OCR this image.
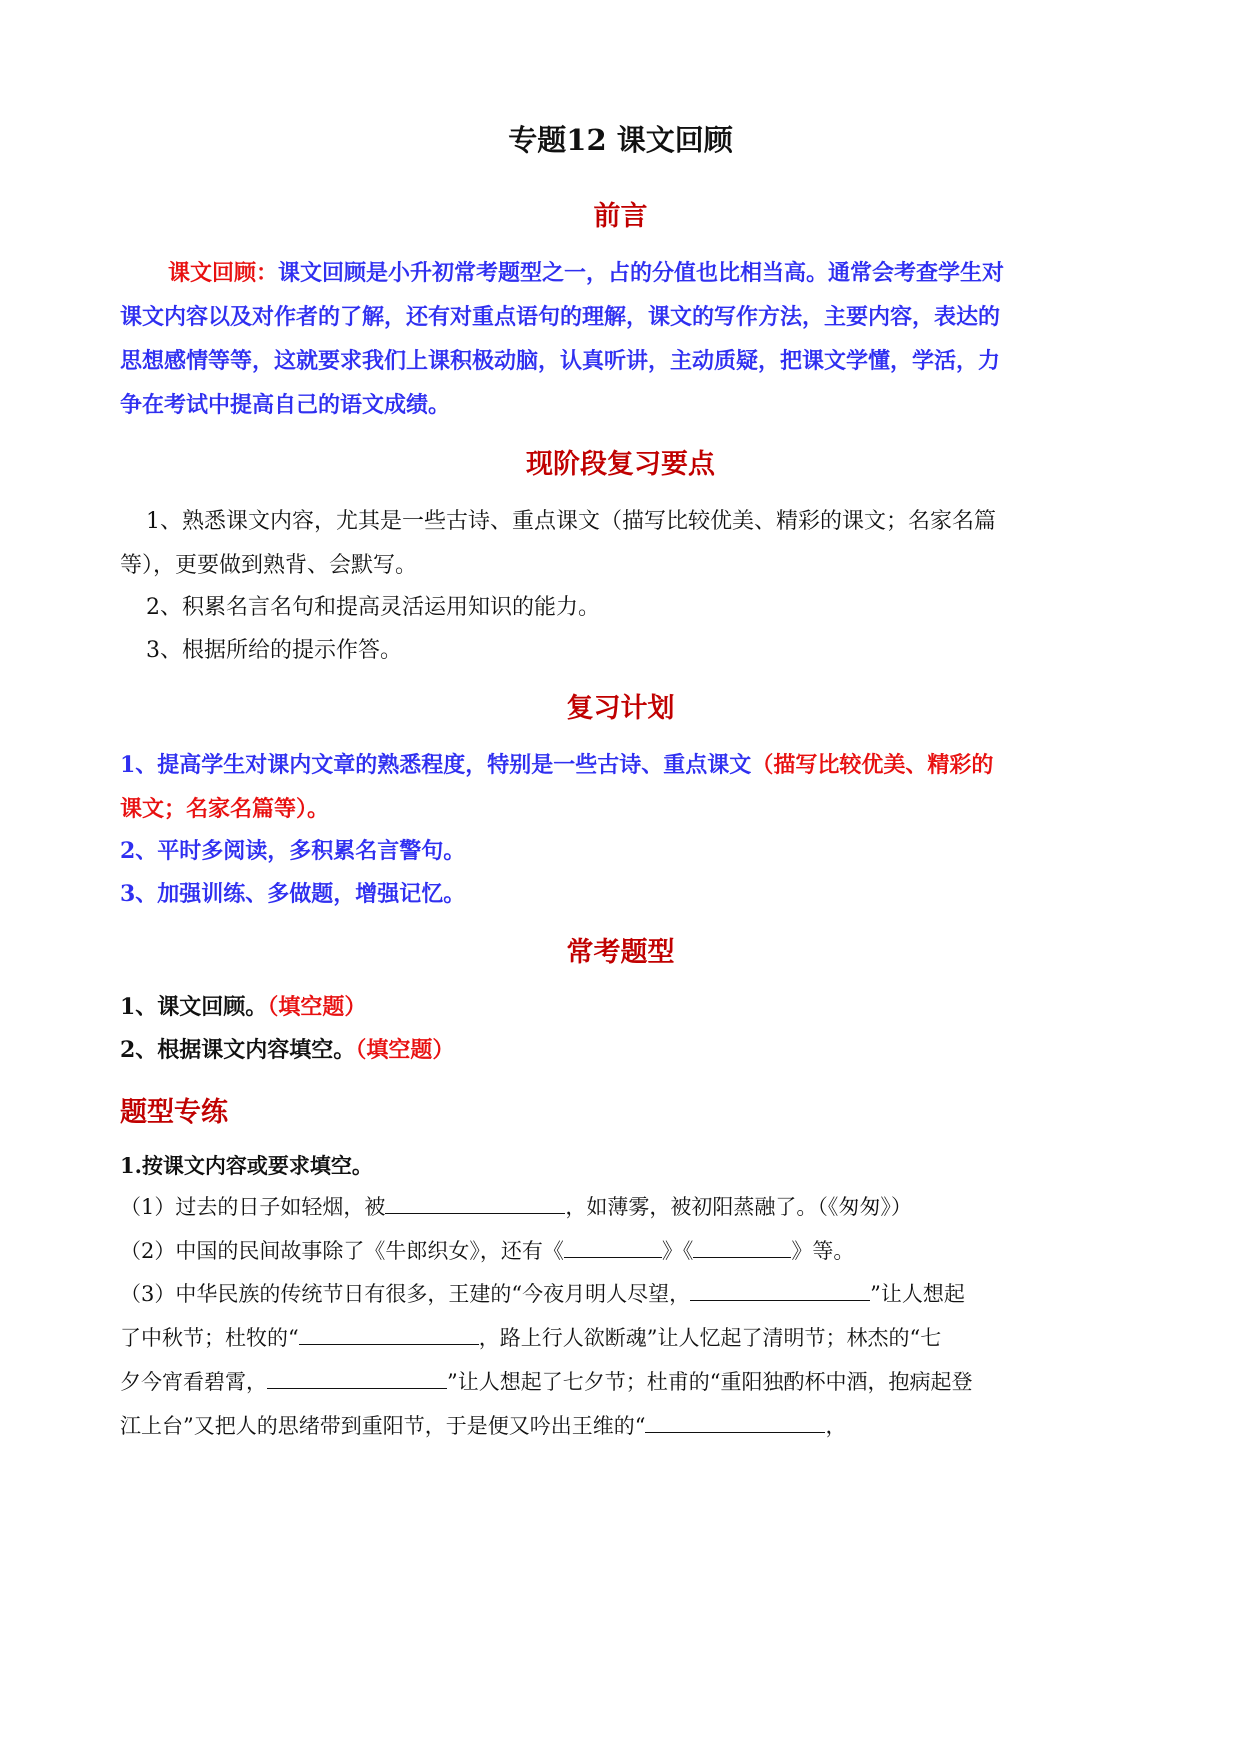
专题12 课文回顾
前言
课文回顾：课文回顾是小升初常考题型之一，占的分值也比相当高。通常会考查学生对
课文内容以及对作者的了解，还有对重点语句的理解，课文的写作方法，主要内容，表达的
思想感情等等，这就要求我们上课积极动脑，认真听讲，主动质疑，把课文学懂，学活，力
争在考试中提高自己的语文成绩。
现阶段复习要点
1、熟悉课文内容，尤其是一些古诗、重点课文（描写比较优美、精彩的课文；名家名篇
等），更要做到熟背、会默写。
2、积累名言名句和提高灵活运用知识的能力。
3、根据所给的提示作答。
复习计划
1、提高学生对课内文章的熟悉程度，特别是一些古诗、重点课文（描写比较优美、精彩的
课文；名家名篇等）。
2、平时多阅读，多积累名言警句。
3、加强训练、多做题，增强记忆。
常考题型
1、课文回顾。（填空题）
2、根据课文内容填空。（填空题）
题型专练
1.按课文内容或要求填空。
（1）过去的日子如轻烟，被	，如薄雾，被初阳蒸融了。（《匆匆》）
（2）中国的民间故事除了《牛郎织女》，还有《	》《	》等。
（3）中华民族的传统节日有很多，王建的“今夜月明人尽望，	”让人想起
了中秋节；杜牧的“	，路上行人欲断魂”让人忆起了清明节；林杰的“七
夕今宵看碧霄，	”让人想起了七夕节；杜甫的“重阳独酌杯中酒，抱病起登
江上台”又把人的思绪带到重阳节，于是便又吟出王维的“	，
